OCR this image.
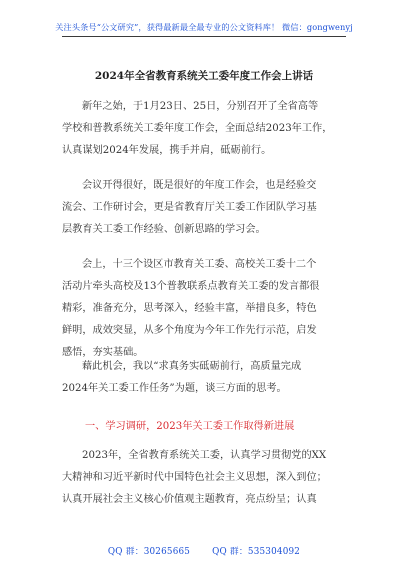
关注头条号“公文研究”，获得最新最全最专业的公文资料库！ 微信：gongwenyj
2024年全省教育系统关工委年度工作会上讲话
新年之始，于1月23日、25日，分别召开了全省高等
学校和普教系统关工委年度工作会，全面总结2023年工作，
认真谋划2024年发展，携手并肩，砥砺前行。
会议开得很好，既是很好的年度工作会，也是经验交
流会、工作研讨会，更是省教育厅关工委工作团队学习基
层教育关工委工作经验、创新思路的学习会。
会上，十三个设区市教育关工委、高校关工委十二个
活动片牵头高校及13个普教联系点教育关工委的发言都很
精彩，准备充分，思考深入，经验丰富，举措良多，特色
鲜明，成效突显，从多个角度为今年工作先行示范，启发
感悟，夯实基础。
藉此机会，我以“求真务实砥砺前行，高质量完成
2024年关工委工作任务”为题，谈三方面的思考。
一、学习调研，2023年关工委工作取得新进展
2023年，全省教育系统关工委，认真学习贯彻党的XX
大精神和习近平新时代中国特色社会主义思想，深入到位；
认真开展社会主义核心价值观主题教育，亮点纷呈；认真
QQ 群：30265665	QQ 群：535304092
